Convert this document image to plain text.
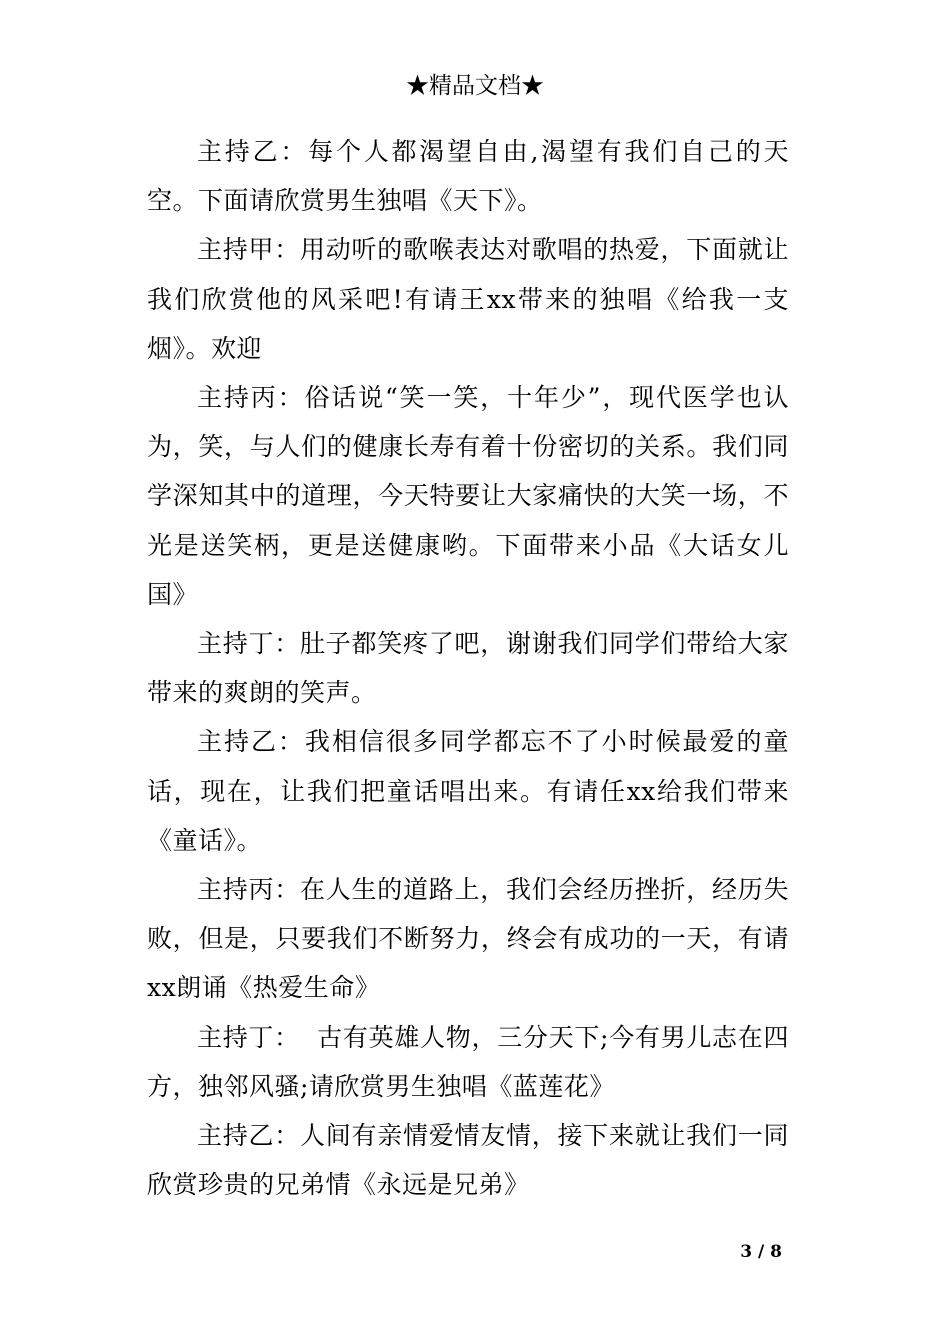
★精品文档★

主持乙：每个人都渴望自由,渴望有我们自己的天空。下面请欣赏男生独唱《天下》。

主持甲：用动听的歌喉表达对歌唱的热爱，下面就让我们欣赏他的风采吧!有请王xx带来的独唱《给我一支烟》。欢迎

主持丙：俗话说“笑一笑，十年少”，现代医学也认为，笑，与人们的健康长寿有着十份密切的关系。我们同学深知其中的道理，今天特要让大家痛快的大笑一场，不光是送笑柄，更是送健康哟。下面带来小品《大话女儿国》

主持丁：肚子都笑疼了吧，谢谢我们同学们带给大家带来的爽朗的笑声。

主持乙：我相信很多同学都忘不了小时候最爱的童话，现在，让我们把童话唱出来。有请任xx给我们带来《童话》。

主持丙：在人生的道路上，我们会经历挫折，经历失败，但是，只要我们不断努力，终会有成功的一天，有请xx朗诵《热爱生命》

主持丁：  古有英雄人物，三分天下;今有男儿志在四方，独邻风骚;请欣赏男生独唱《蓝莲花》

主持乙：人间有亲情爱情友情，接下来就让我们一同欣赏珍贵的兄弟情《永远是兄弟》

3 / 8
